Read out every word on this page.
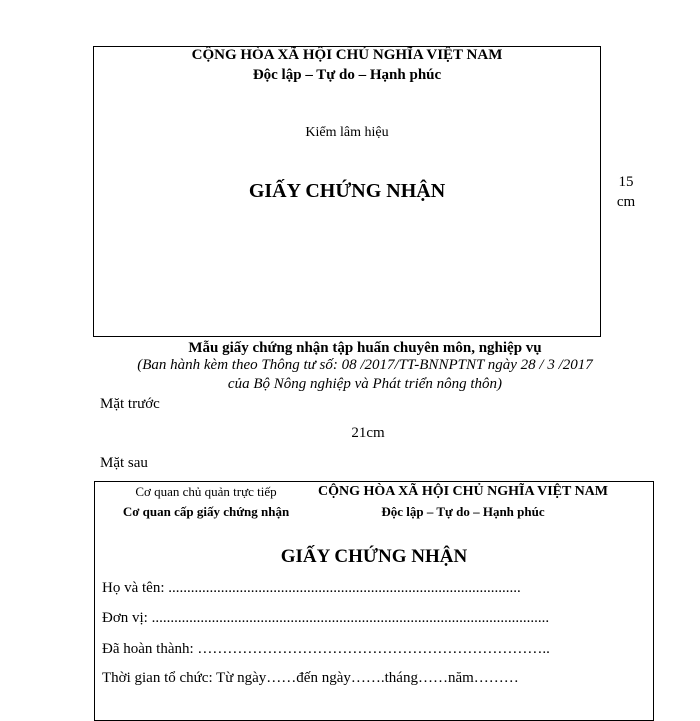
CỘNG HÒA XÃ HỘI CHỦ NGHĨA VIỆT NAM
Độc lập – Tự do – Hạnh phúc
Kiểm lâm hiệu
GIẤY CHỨNG NHẬN	15
cm
Mẫu giấy chứng nhận tập huấn chuyên môn, nghiệp vụ
(Ban hành kèm theo Thông tư số: 08 /2017/TT-BNNPTNT ngày 28 / 3 /2017
của Bộ Nông nghiệp và Phát triển nông thôn)
Mặt trước
21cm
Mặt sau
Cơ quan chủ quản trực tiếp
Cơ quan cấp giấy chứng nhận
CỘNG HÒA XÃ HỘI CHỦ NGHĨA VIỆT NAM
Độc lập – Tự do – Hạnh phúc
GIẤY CHỨNG NHẬN
Họ và tên: ..............................................................................................
Đơn vị: ..........................................................................................................
Đã hoàn thành: ……………………………………………………………..
Thời gian tổ chức: Từ ngày……đến ngày…….tháng……năm………
